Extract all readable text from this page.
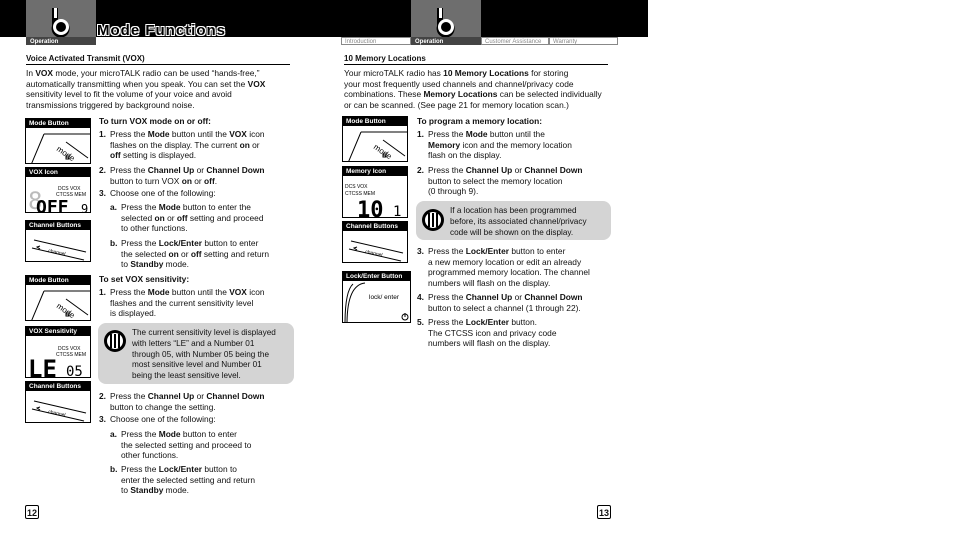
Mode Functions
Operation	Introduction	Operation	Customer Assistance	Warranty
Voice Activated Transmit (VOX)
In VOX mode, your microTALK radio can be used “hands-free,”
automatically transmitting when you speak. You can set the VOX
sensitivity level to fit the volume of your voice and avoid
transmissions triggered by background noise.
Mode Button
mode
VOX Icon
8	DCS VOX
CTCSS MEM
OFF 9
Channel Buttons
channel
Mode Button
mode
VOX Sensitivity
DCS VOX
CTCSS MEM
LE 05
Channel Buttons
channel
To turn VOX mode on or off:
1. Press the Mode button until the VOX icon
flashes on the display. The current on or
off setting is displayed.
2. Press the Channel Up or Channel Down
button to turn VOX on or off.
3. Choose one of the following:
a. Press the Mode button to enter the
selected on or off setting and proceed
to other functions.
b. Press the Lock/Enter button to enter
the selected on or off setting and return
to Standby mode.
To set VOX sensitivity:
1. Press the Mode button until the VOX icon
flashes and the current sensitivity level
is displayed.
The current sensitivity level is displayed
with letters “LE” and a Number 01
through 05, with Number 05 being the
most sensitive level and Number 01
being the least sensitive level.
2. Press the Channel Up or Channel Down
button to change the setting.
3. Choose one of the following:
a. Press the Mode button to enter
the selected setting and proceed to
other functions.
b. Press the Lock/Enter button to
enter the selected setting and return
to Standby mode.
12
10 Memory Locations
Your microTALK radio has 10 Memory Locations for storing
your most frequently used channels and channel/privacy code
combinations. These Memory Locations can be selected individually
or can be scanned. (See page 21 for memory location scan.)
Mode Button
mode
Memory Icon
DCS VOX
CTCSS MEM
10 1
Channel Buttons
channel
Lock/Enter Button
lock/ enter
To program a memory location:
1. Press the Mode button until the
Memory icon and the memory location
flash on the display.
2. Press the Channel Up or Channel Down
button to select the memory location
(0 through 9).
If a location has been programmed
before, its associated channel/privacy
code will be shown on the display.
3. Press the Lock/Enter button to enter
a new memory location or edit an already
programmed memory location. The channel
numbers will flash on the display.
4. Press the Channel Up or Channel Down
button to select a channel (1 through 22).
5. Press the Lock/Enter button.
The CTCSS icon and privacy code
numbers will flash on the display.
13
